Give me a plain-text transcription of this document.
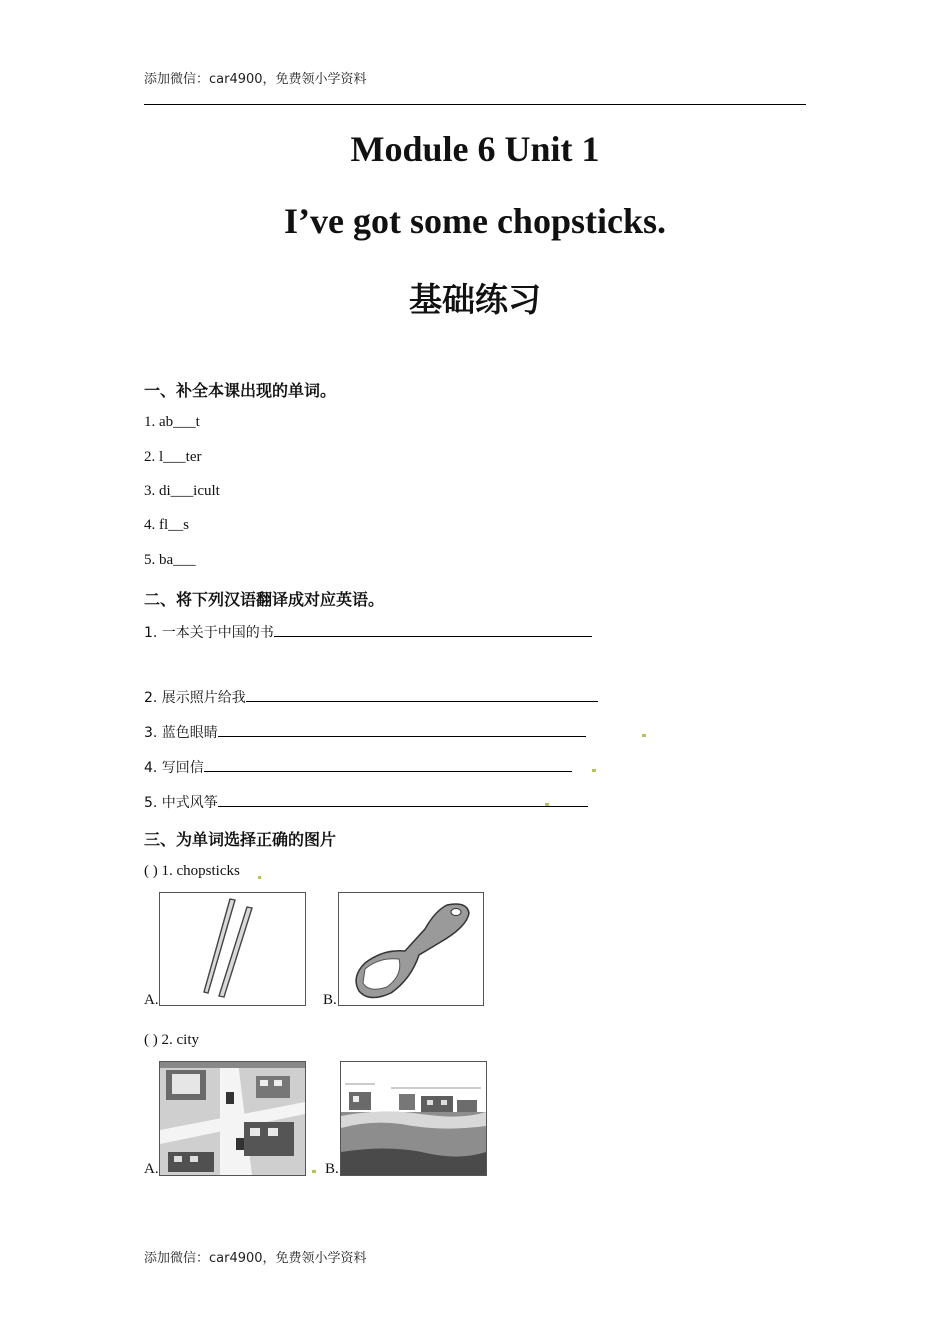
添加微信：car4900，免费领小学资料
Module 6 Unit 1
I’ve got some chopsticks.
基础练习
一、补全本课出现的单词。
1. ab___t
2. l___ter
3. di___icult
4. fl__s
5. ba___
二、将下列汉语翻译成对应英语。
1. 一本关于中国的书
2. 展示照片给我
3. 蓝色眼睛
4. 写回信
5. 中式风筝
三、为单词选择正确的图片
( ) 1. chopsticks
A.	B.
( ) 2. city
A.	B.
添加微信：car4900，免费领小学资料
